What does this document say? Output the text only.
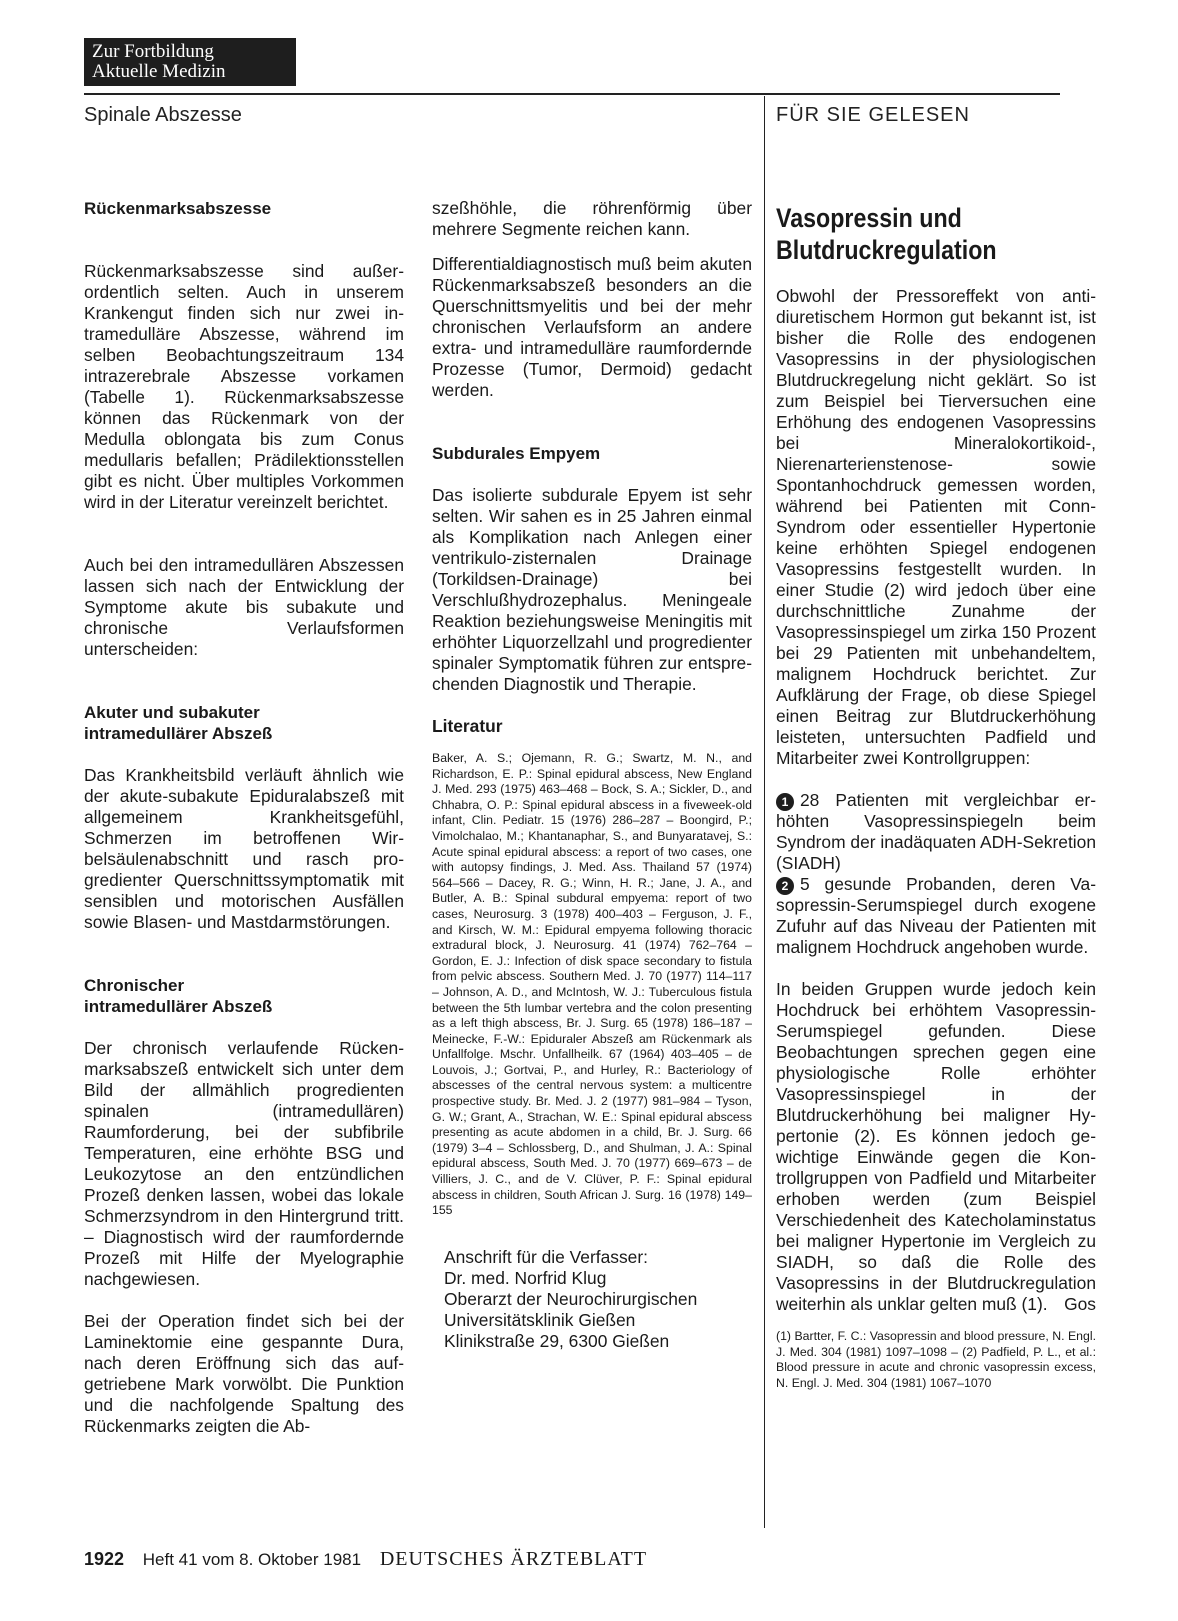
Zur Fortbildung
Aktuelle Medizin
Spinale Abszesse	FÜR SIE GELESEN
Rückenmarksabszesse

Rückenmarksabszesse sind außerordentlich selten. Auch in unserem Krankengut finden sich nur zwei intramedulläre Abszesse, während im selben Beobachtungszeitraum 134 intrazerebrale Abszesse vorkamen (Tabelle 1). Rückenmarksabszesse können das Rückenmark von der Medulla oblongata bis zum Conus medullaris befallen; Prädilektionsstellen gibt es nicht. Über multiples Vorkommen wird in der Literatur vereinzelt berichtet.

Auch bei den intramedullären Abszessen lassen sich nach der Entwicklung der Symptome akute bis subakute und chronische Verlaufsformen unterscheiden:

Akuter und subakuter
intramedullärer Abszeß

Das Krankheitsbild verläuft ähnlich wie der akute-subakute Epiduralabszeß mit allgemeinem Krankheitsgefühl, Schmerzen im betroffenen Wirbelsäulenabschnitt und rasch progredienter Querschnittssymptomatik mit sensiblen und motorischen Ausfällen sowie Blasen- und Mastdarmstörungen.

Chronischer
intramedullärer Abszeß

Der chronisch verlaufende Rückenmarksabszeß entwickelt sich unter dem Bild der allmählich progredienten spinalen (intramedullären) Raumforderung, bei der subfibrile Temperaturen, eine erhöhte BSG und Leukozytose an den entzündlichen Prozeß denken lassen, wobei das lokale Schmerzsyndrom in den Hintergrund tritt. – Diagnostisch wird der raumfordernde Prozeß mit Hilfe der Myelographie nachgewiesen.

Bei der Operation findet sich bei der Laminektomie eine gespannte Dura, nach deren Eröffnung sich das aufgetriebene Mark vorwölbt. Die Punktion und die nachfolgende Spaltung des Rückenmarks zeigten die Ab-

szeßhöhle, die röhrenförmig über mehrere Segmente reichen kann.

Differentialdiagnostisch muß beim akuten Rückenmarksabszeß besonders an die Querschnittsmyelitis und bei der mehr chronischen Verlaufsform an andere extra- und intramedulläre raumfordernde Prozesse (Tumor, Dermoid) gedacht werden.

Subdurales Empyem

Das isolierte subdurale Epyem ist sehr selten. Wir sahen es in 25 Jahren einmal als Komplikation nach Anlegen einer ventrikulo-zisternalen Drainage (Torkildsen-Drainage) bei Verschlußhydrozephalus. Meningeale Reaktion beziehungsweise Meningitis mit erhöhter Liquorzellzahl und progredienter spinaler Symptomatik führen zur entsprechenden Diagnostik und Therapie.

Literatur

Baker, A. S.; Ojemann, R. G.; Swartz, M. N., and Richardson, E. P.: Spinal epidural abscess, New England J. Med. 293 (1975) 463–468 – Bock, S. A.; Sickler, D., and Chhabra, O. P.: Spinal epidural abscess in a fiveweek-old infant, Clin. Pediatr. 15 (1976) 286–287 – Boongird, P.; Vimolchalao, M.; Khantanaphar, S., and Bunyaratavej, S.: Acute spinal epidural abscess: a report of two cases, one with autopsy findings, J. Med. Ass. Thailand 57 (1974) 564–566 – Dacey, R. G.; Winn, H. R.; Jane, J. A., and Butler, A. B.: Spinal subdural empyema: report of two cases, Neurosurg. 3 (1978) 400–403 – Ferguson, J. F., and Kirsch, W. M.: Epidural empyema following thoracic extradural block, J. Neurosurg. 41 (1974) 762–764 – Gordon, E. J.: Infection of disk space secondary to fistula from pelvic abscess. Southern Med. J. 70 (1977) 114–117 – Johnson, A. D., and McIntosh, W. J.: Tuberculous fistula between the 5th lumbar vertebra and the colon presenting as a left thigh abscess, Br. J. Surg. 65 (1978) 186–187 – Meinecke, F.-W.: Epiduraler Abszeß am Rückenmark als Unfallfolge. Mschr. Unfallheilk. 67 (1964) 403–405 – de Louvois, J.; Gortvai, P., and Hurley, R.: Bacteriology of abscesses of the central nervous system: a multicentre prospective study. Br. Med. J. 2 (1977) 981–984 – Tyson, G. W.; Grant, A., Strachan, W. E.: Spinal epidural abscess presenting as acute abdomen in a child, Br. J. Surg. 66 (1979) 3–4 – Schlossberg, D., and Shulman, J. A.: Spinal epidural abscess, South Med. J. 70 (1977) 669–673 – de Villiers, J. C., and de V. Clüver, P. F.: Spinal epidural abscess in children, South African J. Surg. 16 (1978) 149–155

Anschrift für die Verfasser:

Dr. med. Norfrid Klug

Oberarzt der Neurochirurgischen

Universitätsklinik Gießen

Klinikstraße 29, 6300 Gießen

Vasopressin und
Blutdruckregulation

Obwohl der Pressoreffekt von antidiuretischem Hormon gut bekannt ist, ist bisher die Rolle des endogenen Vasopressins in der physiologischen Blutdruckregelung nicht geklärt. So ist zum Beispiel bei Tierversuchen eine Erhöhung des endogenen Vasopressins bei Mineralokortikoid-, Nierenarterienstenose- sowie Spontanhochdruck gemessen worden, während bei Patienten mit Conn-Syndrom oder essentieller Hypertonie keine erhöhten Spiegel endogenen Vasopressins festgestellt wurden. In einer Studie (2) wird jedoch über eine durchschnittliche Zunahme der Vasopressinspiegel um zirka 150 Prozent bei 29 Patienten mit unbehandeltem, malignem Hochdruck berichtet. Zur Aufklärung der Frage, ob diese Spiegel einen Beitrag zur Blutdruckerhöhung leisteten, untersuchten Padfield und Mitarbeiter zwei Kontrollgruppen:

1 28 Patienten mit vergleichbar erhöhten Vasopressinspiegeln beim Syndrom der inadäquaten ADH-Sekretion (SIADH)

2 5 gesunde Probanden, deren Vasopressin-Serumspiegel durch exogene Zufuhr auf das Niveau der Patienten mit malignem Hochdruck angehoben wurde.

In beiden Gruppen wurde jedoch kein Hochdruck bei erhöhtem Vasopressin-Serumspiegel gefunden. Diese Beobachtungen sprechen gegen eine physiologische Rolle erhöhter Vasopressinspiegel in der Blutdruckerhöhung bei maligner Hypertonie (2). Es können jedoch gewichtige Einwände gegen die Kontrollgruppen von Padfield und Mitarbeiter erhoben werden (zum Beispiel Verschiedenheit des Katecholaminstatus bei maligner Hypertonie im Vergleich zu SIADH, so daß die Rolle des Vasopressins in der Blutdruckregulation weiterhin als unklar gelten muß (1). Gos

(1) Bartter, F. C.: Vasopressin and blood pressure, N. Engl. J. Med. 304 (1981) 1097–1098 – (2) Padfield, P. L., et al.: Blood pressure in acute and chronic vasopressin excess, N. Engl. J. Med. 304 (1981) 1067–1070

1922 Heft 41 vom 8. Oktober 1981 DEUTSCHES ÄRZTEBLATT
